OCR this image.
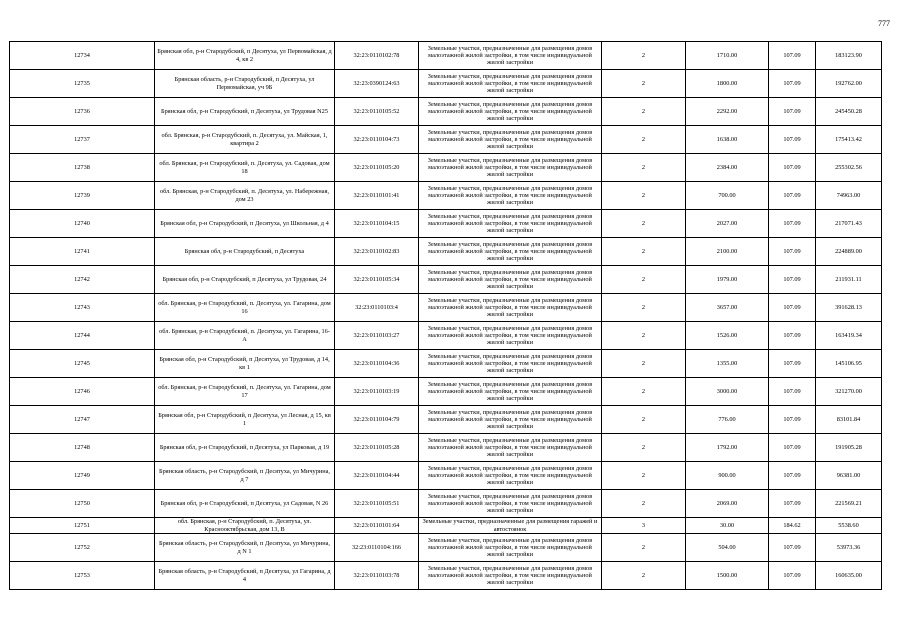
777
12734	Брянская обл, р-н Стародубский, п Десятуха, ул Первомайская, д 4, кв 2	32:23:0110102:78	Земельные участки, предназначенные для размещения домов малоэтажной жилой застройки, в том числе индивидуальной жилой застройки	2	1710.00	107.09	183123.90
12735	Брянская область, р-н Стародубский, п Десятуха, ул Первомайская, уч 9Б	32:23:0390124:63	Земельные участки, предназначенные для размещения домов малоэтажной жилой застройки, в том числе индивидуальной жилой застройки	2	1800.00	107.09	192762.00
12736	Брянская обл, р-н Стародубский, п Десятуха, ул Трудовая N25	32:23:0110105:52	Земельные участки, предназначенные для размещения домов малоэтажной жилой застройки, в том числе индивидуальной жилой застройки	2	2292.00	107.09	245450.28
12737	обл. Брянская, р-н Стародубский, п. Десятуха, ул. Майская, 1, квартира 2	32:23:0110104:73	Земельные участки, предназначенные для размещения домов малоэтажной жилой застройки, в том числе индивидуальной жилой застройки	2	1638.00	107.09	175413.42
12738	обл. Брянская, р-н Стародубский, п. Десятуха, ул. Садовая, дом 18	32:23:0110105:20	Земельные участки, предназначенные для размещения домов малоэтажной жилой застройки, в том числе индивидуальной жилой застройки	2	2384.00	107.09	255302.56
12739	обл. Брянская, р-н Стародубский, п. Десятуха, ул. Набережная, дом 23	32:23:0110101:41	Земельные участки, предназначенные для размещения домов малоэтажной жилой застройки, в том числе индивидуальной жилой застройки	2	700.00	107.09	74963.00
12740	Брянская обл, р-н Стародубский, п Десятуха, ул Школьная, д 4	32:23:0110104:15	Земельные участки, предназначенные для размещения домов малоэтажной жилой застройки, в том числе индивидуальной жилой застройки	2	2027.00	107.09	217071.43
12741	Брянская обл, р-н Стародубский, п Десятуха	32:23:0110102:83	Земельные участки, предназначенные для размещения домов малоэтажной жилой застройки, в том числе индивидуальной жилой застройки	2	2100.00	107.09	224889.00
12742	Брянская обл, р-н Стародубский, п Десятуха, ул Трудовая, 24	32:23:0110105:34	Земельные участки, предназначенные для размещения домов малоэтажной жилой застройки, в том числе индивидуальной жилой застройки	2	1979.00	107.09	211931.11
12743	обл. Брянская, р-н Стародубский, п. Десятуха, ул. Гагарина, дом 16	32:23:0110103:4	Земельные участки, предназначенные для размещения домов малоэтажной жилой застройки, в том числе индивидуальной жилой застройки	2	3657.00	107.09	391628.13
12744	обл. Брянская, р-н Стародубский, п. Десятуха, ул. Гагарина, 16-А	32:23:0110103:27	Земельные участки, предназначенные для размещения домов малоэтажной жилой застройки, в том числе индивидуальной жилой застройки	2	1526.00	107.09	163419.34
12745	Брянская обл, р-н Стародубский, п Десятуха, ул Трудовая, д 14, кв 1	32:23:0110104:36	Земельные участки, предназначенные для размещения домов малоэтажной жилой застройки, в том числе индивидуальной жилой застройки	2	1355.00	107.09	145106.95
12746	обл. Брянская, р-н Стародубский, п. Десятуха, ул. Гагарина, дом 17	32:23:0110103:19	Земельные участки, предназначенные для размещения домов малоэтажной жилой застройки, в том числе индивидуальной жилой застройки	2	3000.00	107.09	321270.00
12747	Брянская обл, р-н Стародубский, п Десятуха, ул Лесная, д 15, кв 1	32:23:0110104:79	Земельные участки, предназначенные для размещения домов малоэтажной жилой застройки, в том числе индивидуальной жилой застройки	2	776.00	107.09	83101.84
12748	Брянская обл, р-н Стародубский, п Десятуха, ул Парковая, д 19	32:23:0110105:28	Земельные участки, предназначенные для размещения домов малоэтажной жилой застройки, в том числе индивидуальной жилой застройки	2	1792.00	107.09	191905.28
12749	Брянская область, р-н Стародубский, п Десятуха, ул Мичурина, д 7	32:23:0110104:44	Земельные участки, предназначенные для размещения домов малоэтажной жилой застройки, в том числе индивидуальной жилой застройки	2	900.00	107.09	96381.00
12750	Брянская обл, р-н Стародубский, п Десятуха, ул Садовая, N 26	32:23:0110105:51	Земельные участки, предназначенные для размещения домов малоэтажной жилой застройки, в том числе индивидуальной жилой застройки	2	2069.00	107.09	221569.21
12751	обл. Брянская, р-н Стародубский, п. Десятуха, ул. Краснооктябрьская, дом 13, В	32:23:0110101:64	Земельные участки, предназначенные для размещения гаражей и автостоянок	3	30.00	184.62	5538.60
12752	Брянская область, р-н Стародубский, п Десятуха, ул Мичурина, д N 1	32:23:0110104:166	Земельные участки, предназначенные для размещения домов малоэтажной жилой застройки, в том числе индивидуальной жилой застройки	2	504.00	107.09	53973.36
12753	Брянская область, р-н Стародубский, п Десятуха, ул Гагарина, д 4	32:23:0110103:78	Земельные участки, предназначенные для размещения домов малоэтажной жилой застройки, в том числе индивидуальной жилой застройки	2	1500.00	107.09	160635.00
